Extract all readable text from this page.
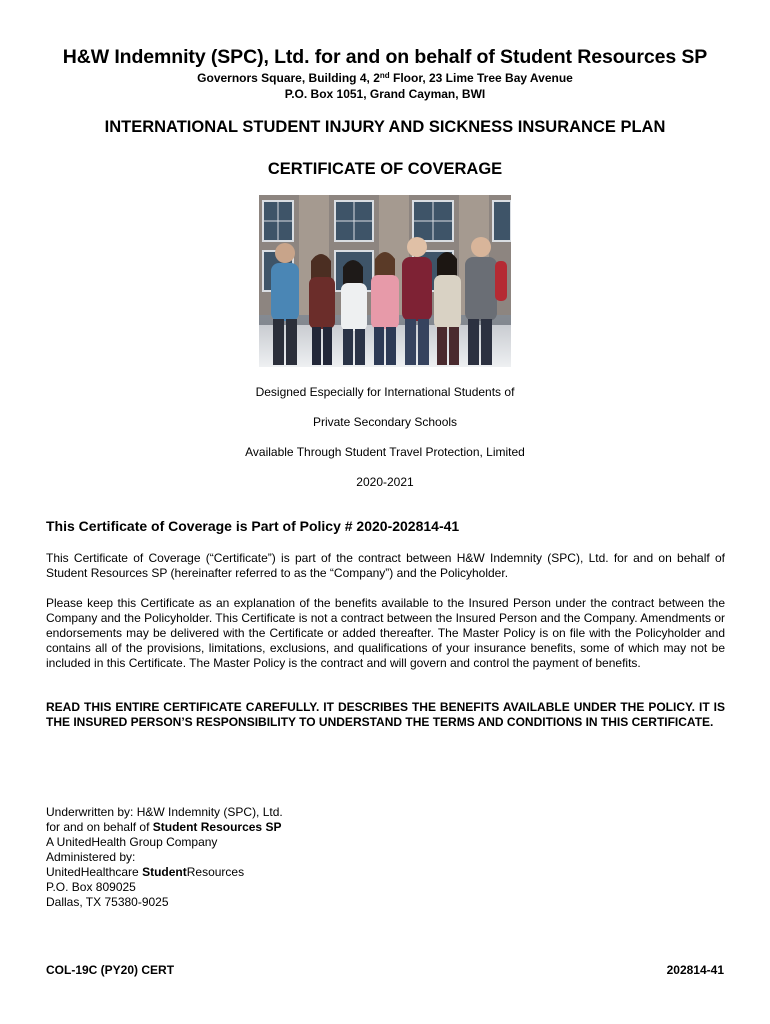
H&W Indemnity (SPC), Ltd. for and on behalf of Student Resources SP
Governors Square, Building 4, 2nd Floor, 23 Lime Tree Bay Avenue
P.O. Box 1051, Grand Cayman, BWI
INTERNATIONAL STUDENT INJURY AND SICKNESS INSURANCE PLAN
CERTIFICATE OF COVERAGE
Designed Especially for International Students of
Private Secondary Schools
Available Through Student Travel Protection, Limited
2020-2021
This Certificate of Coverage is Part of Policy # 2020-202814-41
This Certificate of Coverage (“Certificate”) is part of the contract between H&W Indemnity (SPC), Ltd. for and on behalf of Student Resources SP (hereinafter referred to as the “Company”) and the Policyholder.
Please keep this Certificate as an explanation of the benefits available to the Insured Person under the contract between the Company and the Policyholder. This Certificate is not a contract between the Insured Person and the Company. Amendments or endorsements may be delivered with the Certificate or added thereafter. The Master Policy is on file with the Policyholder and contains all of the provisions, limitations, exclusions, and qualifications of your insurance benefits, some of which may not be included in this Certificate. The Master Policy is the contract and will govern and control the payment of benefits.
READ THIS ENTIRE CERTIFICATE CAREFULLY. IT DESCRIBES THE BENEFITS AVAILABLE UNDER THE POLICY. IT IS THE INSURED PERSON’S RESPONSIBILITY TO UNDERSTAND THE TERMS AND CONDITIONS IN THIS CERTIFICATE.
Underwritten by: H&W Indemnity (SPC), Ltd.
for and on behalf of Student Resources SP
A UnitedHealth Group Company
Administered by:
UnitedHealthcare StudentResources
P.O. Box 809025
Dallas, TX 75380-9025
COL-19C (PY20) CERT	202814-41
